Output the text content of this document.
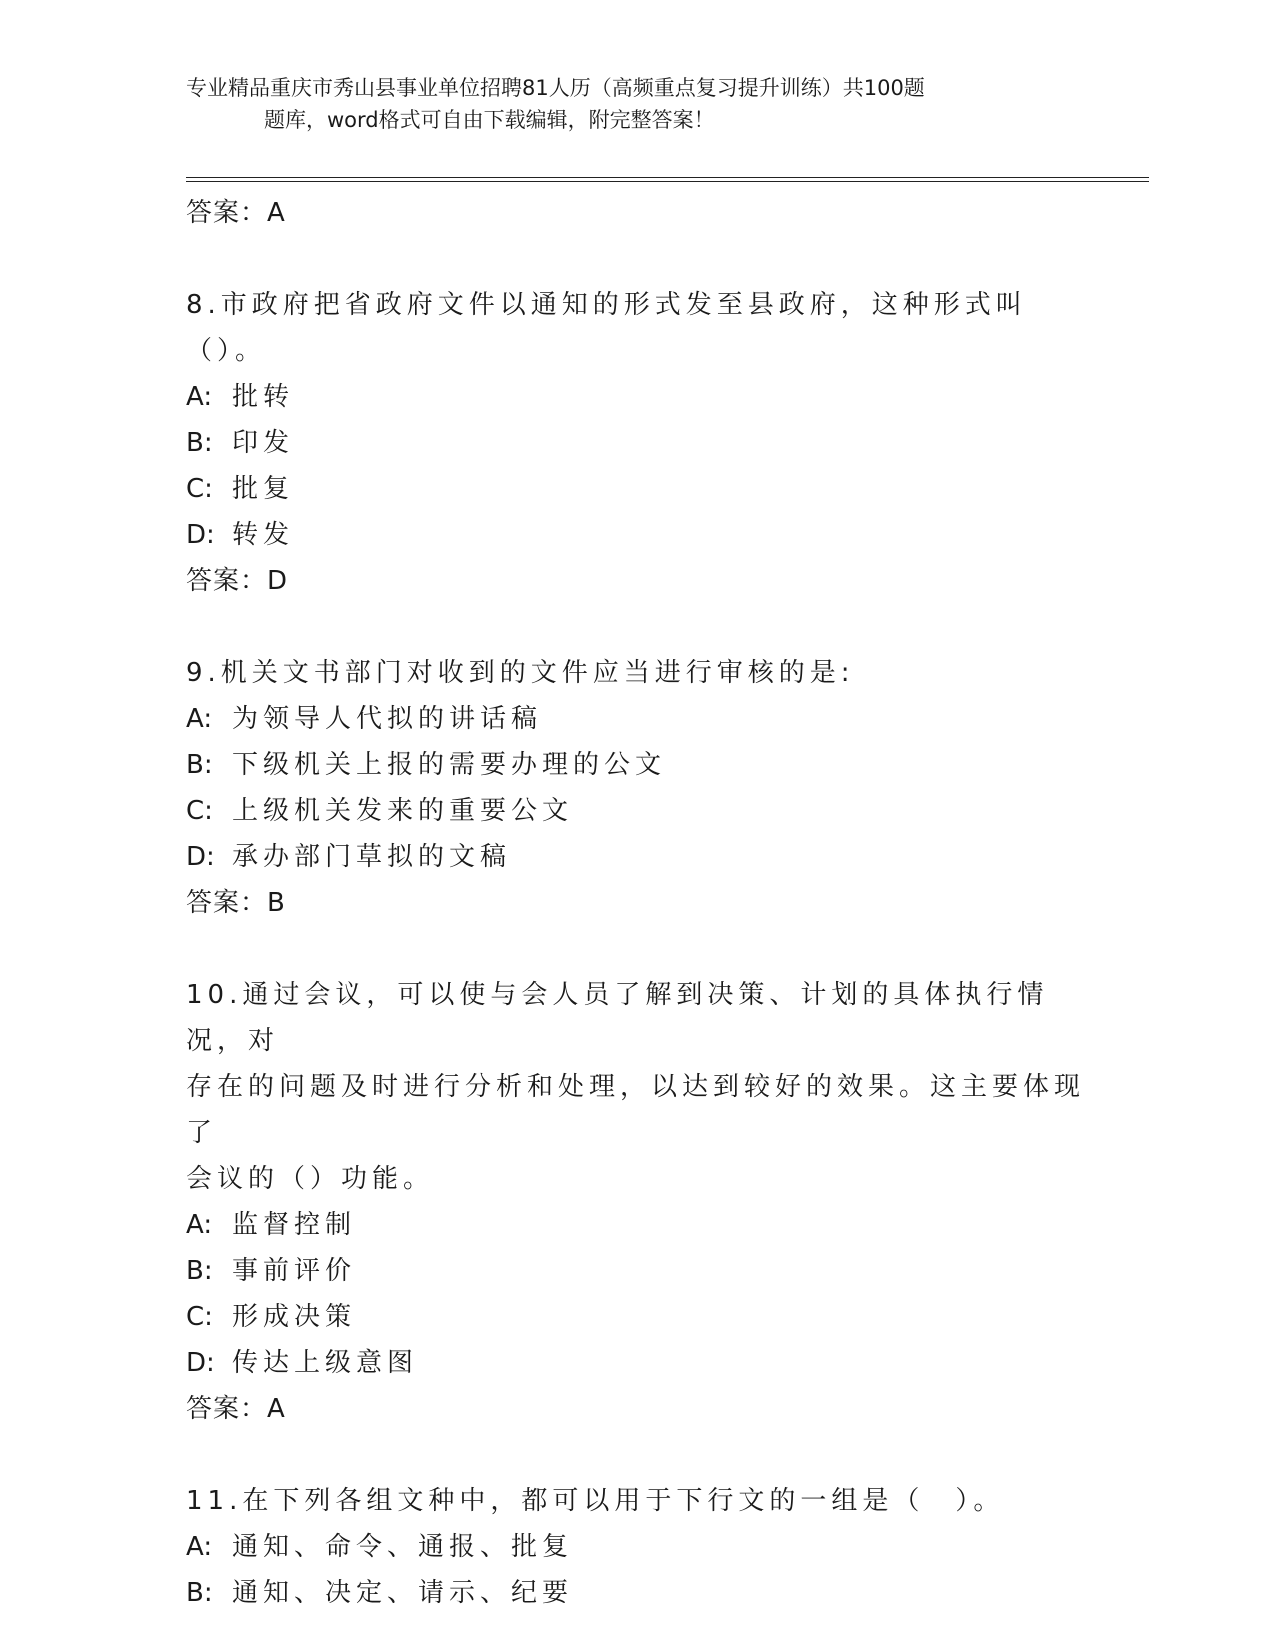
专业精品重庆市秀山县事业单位招聘81人历（高频重点复习提升训练）共100题
题库，word格式可自由下载编辑，附完整答案！
答案：A
8.市政府把省政府文件以通知的形式发至县政府，这种形式叫（）。
A: 批转
B: 印发
C: 批复
D: 转发
答案：D
9.机关文书部门对收到的文件应当进行审核的是:
A: 为领导人代拟的讲话稿
B: 下级机关上报的需要办理的公文
C: 上级机关发来的重要公文
D: 承办部门草拟的文稿
答案：B
10.通过会议，可以使与会人员了解到决策、计划的具体执行情况，对
存在的问题及时进行分析和处理，以达到较好的效果。这主要体现了
会议的（）功能。
A: 监督控制
B: 事前评价
C: 形成决策
D: 传达上级意图
答案：A
11.在下列各组文种中，都可以用于下行文的一组是（　）。
A: 通知、命令、通报、批复
B: 通知、决定、请示、纪要
